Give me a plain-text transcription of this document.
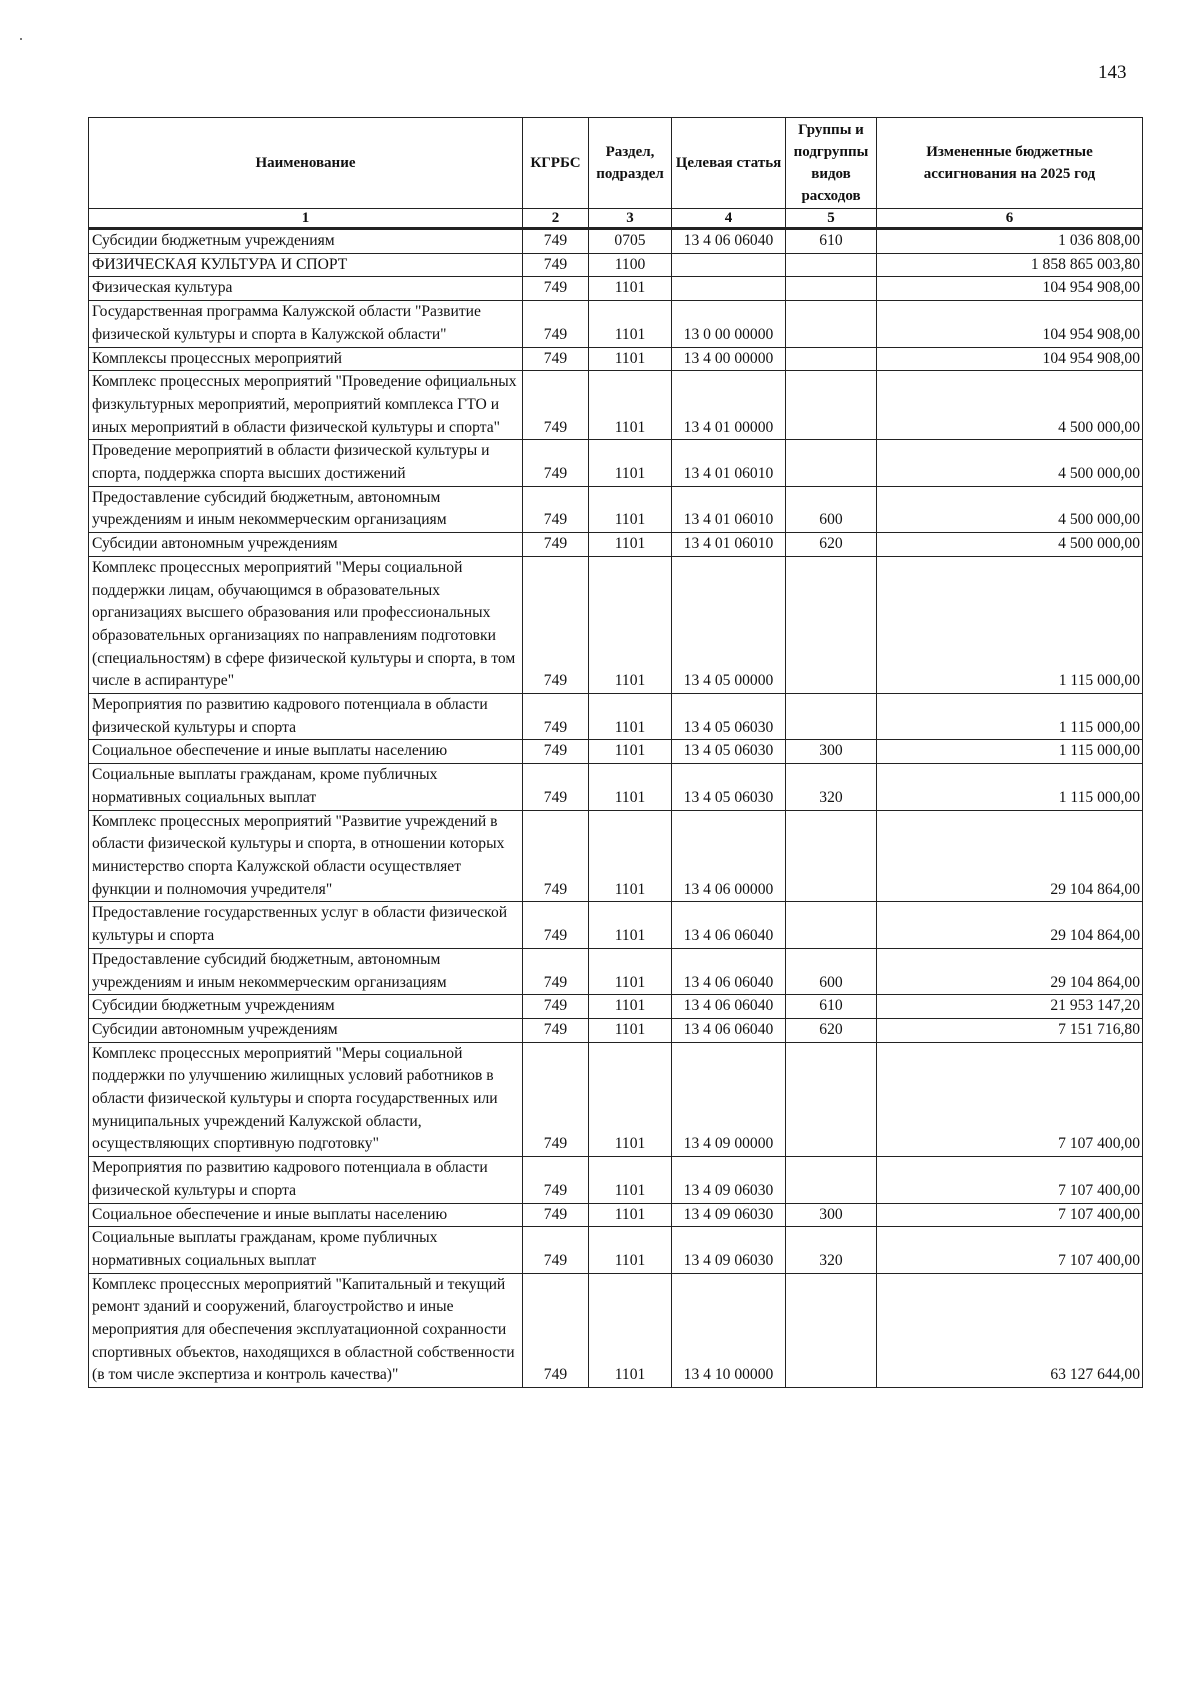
143
Наименование	КГРБС	Раздел, подраздел	Целевая статья	Группы и подгруппы видов расходов	Измененные бюджетные ассигнования на 2025 год
1	2	3	4	5	6
Субсидии бюджетным учреждениям	749	0705	13 4 06 06040	610	1 036 808,00
ФИЗИЧЕСКАЯ КУЛЬТУРА И СПОРТ	749	1100			1 858 865 003,80
Физическая культура	749	1101			104 954 908,00
Государственная программа Калужской области "Развитие физической культуры и спорта в Калужской области"	749	1101	13 0 00 00000		104 954 908,00
Комплексы процессных мероприятий	749	1101	13 4 00 00000		104 954 908,00
Комплекс процессных мероприятий "Проведение официальных физкультурных мероприятий, мероприятий комплекса ГТО и иных мероприятий в области физической культуры и спорта"	749	1101	13 4 01 00000		4 500 000,00
Проведение мероприятий в области физической культуры и спорта, поддержка спорта высших достижений	749	1101	13 4 01 06010		4 500 000,00
Предоставление субсидий бюджетным, автономным учреждениям и иным некоммерческим организациям	749	1101	13 4 01 06010	600	4 500 000,00
Субсидии автономным учреждениям	749	1101	13 4 01 06010	620	4 500 000,00
Комплекс процессных мероприятий "Меры социальной поддержки лицам, обучающимся в образовательных организациях высшего образования или профессиональных образовательных организациях по направлениям подготовки (специальностям) в сфере физической культуры и спорта, в том числе в аспирантуре"	749	1101	13 4 05 00000		1 115 000,00
Мероприятия по развитию кадрового потенциала в области физической культуры и спорта	749	1101	13 4 05 06030		1 115 000,00
Социальное обеспечение и иные выплаты населению	749	1101	13 4 05 06030	300	1 115 000,00
Социальные выплаты гражданам, кроме публичных нормативных социальных выплат	749	1101	13 4 05 06030	320	1 115 000,00
Комплекс процессных мероприятий "Развитие учреждений в области физической культуры и спорта, в отношении которых министерство спорта Калужской области осуществляет функции и полномочия учредителя"	749	1101	13 4 06 00000		29 104 864,00
Предоставление государственных услуг в области физической культуры и спорта	749	1101	13 4 06 06040		29 104 864,00
Предоставление субсидий бюджетным, автономным учреждениям и иным некоммерческим организациям	749	1101	13 4 06 06040	600	29 104 864,00
Субсидии бюджетным учреждениям	749	1101	13 4 06 06040	610	21 953 147,20
Субсидии автономным учреждениям	749	1101	13 4 06 06040	620	7 151 716,80
Комплекс процессных мероприятий "Меры социальной поддержки по улучшению жилищных условий работников в области физической культуры и спорта государственных или муниципальных учреждений Калужской области, осуществляющих спортивную подготовку"	749	1101	13 4 09 00000		7 107 400,00
Мероприятия по развитию кадрового потенциала в области физической культуры и спорта	749	1101	13 4 09 06030		7 107 400,00
Социальное обеспечение и иные выплаты населению	749	1101	13 4 09 06030	300	7 107 400,00
Социальные выплаты гражданам, кроме публичных нормативных социальных выплат	749	1101	13 4 09 06030	320	7 107 400,00
Комплекс процессных мероприятий "Капитальный и текущий ремонт зданий и сооружений, благоустройство и иные мероприятия для обеспечения эксплуатационной сохранности спортивных объектов, находящихся в областной собственности (в том числе экспертиза и контроль качества)"	749	1101	13 4 10 00000		63 127 644,00
